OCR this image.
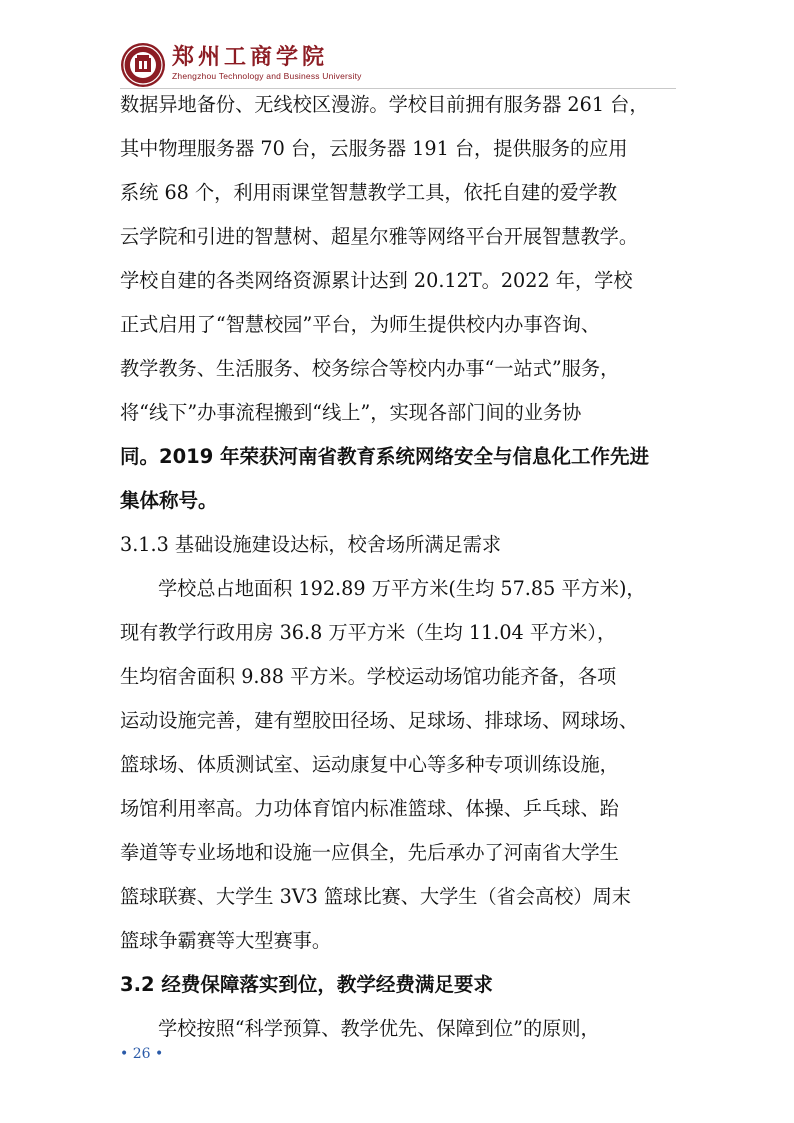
郑州工商学院
Zhengzhou Technology and Business University
数据异地备份、无线校区漫游。学校目前拥有服务器 261 台，
其中物理服务器 70 台，云服务器 191 台，提供服务的应用
系统 68 个，利用雨课堂智慧教学工具，依托自建的爱学教
云学院和引进的智慧树、超星尔雅等网络平台开展智慧教学。
学校自建的各类网络资源累计达到 20.12T。2022 年，学校
正式启用了“智慧校园”平台，为师生提供校内办事咨询、
教学教务、生活服务、校务综合等校内办事“一站式”服务，
将“线下”办事流程搬到“线上”，实现各部门间的业务协
同。2019 年荣获河南省教育系统网络安全与信息化工作先进
集体称号。
3.1.3 基础设施建设达标，校舍场所满足需求
学校总占地面积 192.89 万平方米(生均 57.85 平方米)，
现有教学行政用房 36.8 万平方米（生均 11.04 平方米），
生均宿舍面积 9.88 平方米。学校运动场馆功能齐备，各项
运动设施完善，建有塑胶田径场、足球场、排球场、网球场、
篮球场、体质测试室、运动康复中心等多种专项训练设施，
场馆利用率高。力功体育馆内标准篮球、体操、乒乓球、跆
拳道等专业场地和设施一应俱全，先后承办了河南省大学生
篮球联赛、大学生 3V3 篮球比赛、大学生（省会高校）周末
篮球争霸赛等大型赛事。
3.2 经费保障落实到位，教学经费满足要求
学校按照“科学预算、教学优先、保障到位”的原则，
• 26 •
